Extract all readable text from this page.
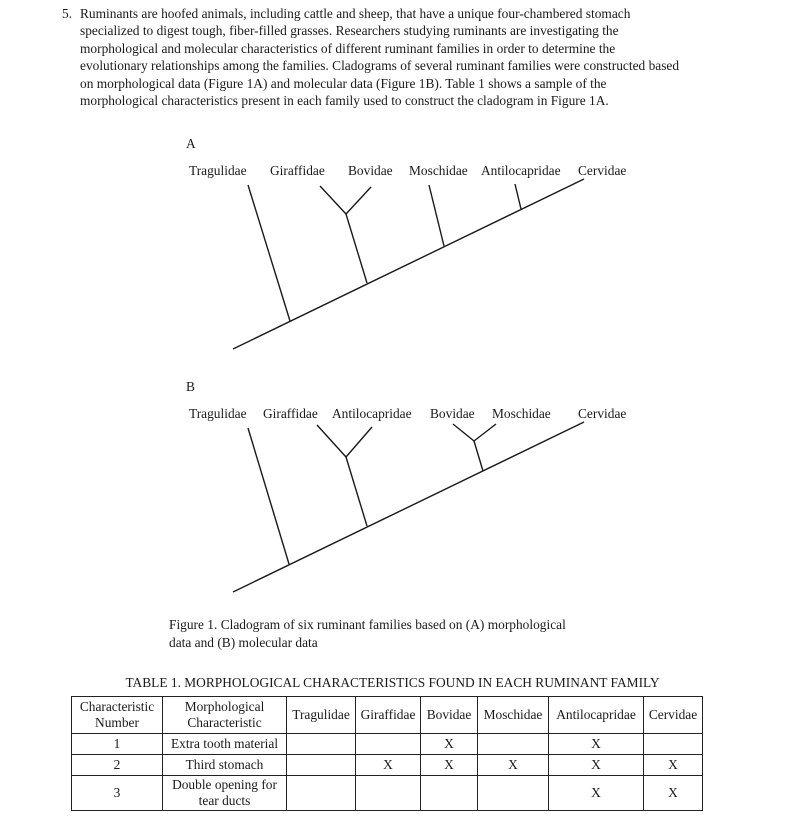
5. Ruminants are hoofed animals, including cattle and sheep, that have a unique four-chambered stomach
specialized to digest tough, fiber-filled grasses. Researchers studying ruminants are investigating the
morphological and molecular characteristics of different ruminant families in order to determine the
evolutionary relationships among the families. Cladograms of several ruminant families were constructed based
on morphological data (Figure 1A) and molecular data (Figure 1B). Table 1 shows a sample of the
morphological characteristics present in each family used to construct the cladogram in Figure 1A.
A
Tragulidae Giraffidae Bovidae Moschidae Antilocapridae Cervidae
B
Tragulidae Giraffidae Antilocapridae Bovidae Moschidae Cervidae
Figure 1. Cladogram of six ruminant families based on (A) morphological
data and (B) molecular data
TABLE 1. MORPHOLOGICAL CHARACTERISTICS FOUND IN EACH RUMINANT FAMILY
Characteristic
Number	Morphological
Characteristic	Tragulidae	Giraffidae	Bovidae	Moschidae	Antilocapridae	Cervidae
1	Extra tooth material			X		X	
2	Third stomach		X	X	X	X	X
3	Double opening for
tear ducts					X	X
